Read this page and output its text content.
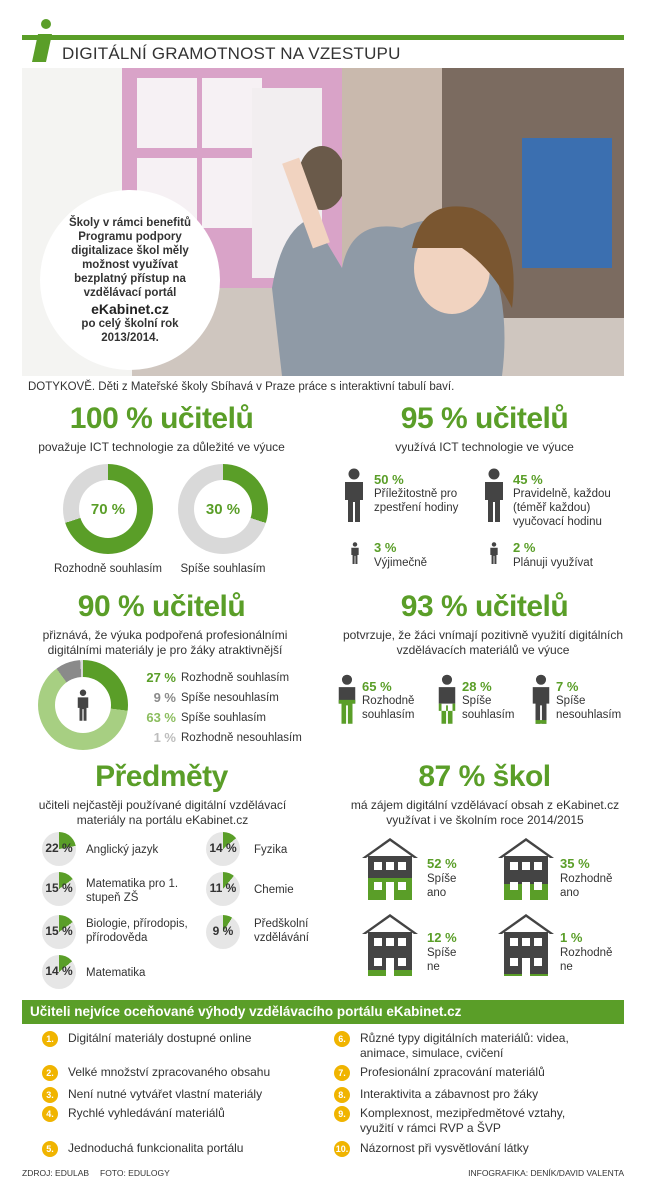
DIGITÁLNÍ GRAMOTNOST NA VZESTUPU
Školy v rámci benefitů Programu podpory digitalizace škol měly možnost využívat bezplatný přístup na vzdělávací portál
eKabinet.cz
po celý školní rok 2013/2014.
DOTYKOVĚ. Děti z Mateřské školy Sbíhavá v Praze práce s interaktivní tabulí baví.
100 % učitelů
považuje ICT technologie za důležité ve výuce
70 %
Rozhodně souhlasím
30 %
Spíše souhlasím
95 % učitelů
využívá ICT technologie ve výuce
50 %
Příležitostně pro zpestření hodiny
45 %
Pravidelně, každou (téměř každou) vyučovací hodinu
3 %
Výjimečně
2 %
Plánuji využívat
90 % učitelů
přiznává, že výuka podpořená profesionálními digitálními materiály je pro žáky atraktivnější
27 % Rozhodně souhlasím
9 % Spíše nesouhlasím
63 % Spíše souhlasím
1 % Rozhodně nesouhlasím
93 % učitelů
potvrzuje, že žáci vnímají pozitivně využití digitálních vzdělávacích materiálů ve výuce
65 %
Rozhodně souhlasím
28 %
Spíše souhlasím
7 %
Spíše nesouhlasím
Předměty
učiteli nejčastěji používané digitální vzdělávací materiály na portálu eKabinet.cz
22 % Anglický jazyk
15 % Matematika pro 1. stupeň ZŠ
15 % Biologie, přírodopis, přírodověda
14 % Matematika
14 % Fyzika
11 %	Chemie
9 %	Předškolní vzdělávání
87 % škol
má zájem digitální vzdělávací obsah z eKabinet.cz využívat i ve školním roce 2014/2015
52 %
Spíše ano
35 %
Rozhodně ano
12 %
Spíše ne
1 %
Rozhodně ne
Učiteli nejvíce oceňované výhody vzdělávacího portálu eKabinet.cz
1.	Digitální materiály dostupné online
2.	Velké množství zpracovaného obsahu
3.	Není nutné vytvářet vlastní materiály
4.	Rychlé vyhledávání materiálů
5.	Jednoduchá funkcionalita portálu
6.	Různé typy digitálních materiálů: videa, animace, simulace, cvičení
7.	Profesionální zpracování materiálů
8.	Interaktivita a zábavnost pro žáky
9.	Komplexnost, mezipředmětové vztahy, využití v rámci RVP a ŠVP
10. Názornost při vysvětlování látky
ZDROJ: EDULAB FOTO: EDULOGY	INFOGRAFIKA: DENÍK/DAVID VALENTA
